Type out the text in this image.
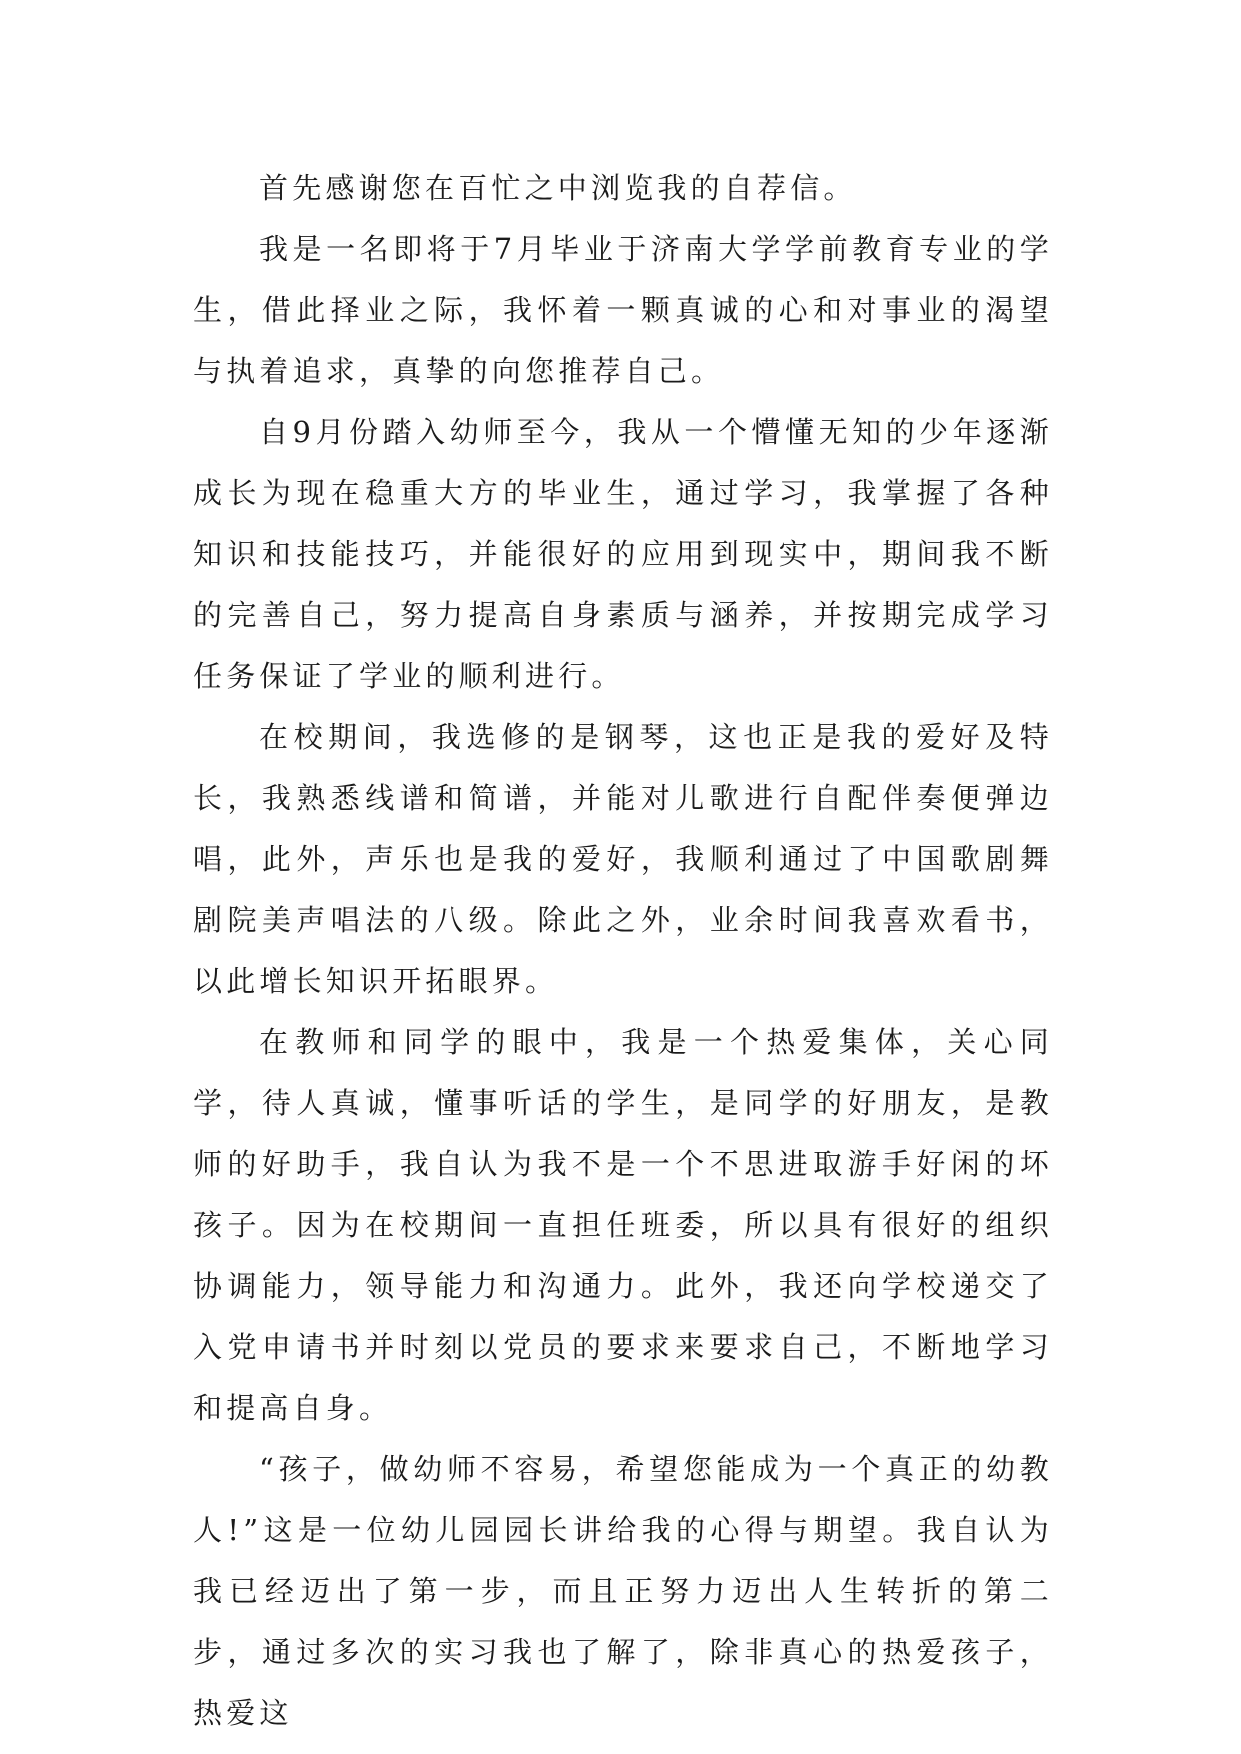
首先感谢您在百忙之中浏览我的自荐信。

我是一名即将于7月毕业于济南大学学前教育专业的学生，借此择业之际，我怀着一颗真诚的心和对事业的渴望与执着追求，真挚的向您推荐自己。

自9月份踏入幼师至今，我从一个懵懂无知的少年逐渐成长为现在稳重大方的毕业生，通过学习，我掌握了各种知识和技能技巧，并能很好的应用到现实中，期间我不断的完善自己，努力提高自身素质与涵养，并按期完成学习任务保证了学业的顺利进行。

在校期间，我选修的是钢琴，这也正是我的爱好及特长，我熟悉线谱和简谱，并能对儿歌进行自配伴奏便弹边唱，此外，声乐也是我的爱好，我顺利通过了中国歌剧舞剧院美声唱法的八级。除此之外，业余时间我喜欢看书，以此增长知识开拓眼界。

在教师和同学的眼中，我是一个热爱集体，关心同学，待人真诚，懂事听话的学生，是同学的好朋友，是教师的好助手，我自认为我不是一个不思进取游手好闲的坏孩子。因为在校期间一直担任班委，所以具有很好的组织协调能力，领导能力和沟通力。此外，我还向学校递交了入党申请书并时刻以党员的要求来要求自己，不断地学习和提高自身。

“孩子，做幼师不容易，希望您能成为一个真正的幼教人!”这是一位幼儿园园长讲给我的心得与期望。我自认为我已经迈出了第一步，而且正努力迈出人生转折的第二步，通过多次的实习我也了解了，除非真心的热爱孩子，热爱这
